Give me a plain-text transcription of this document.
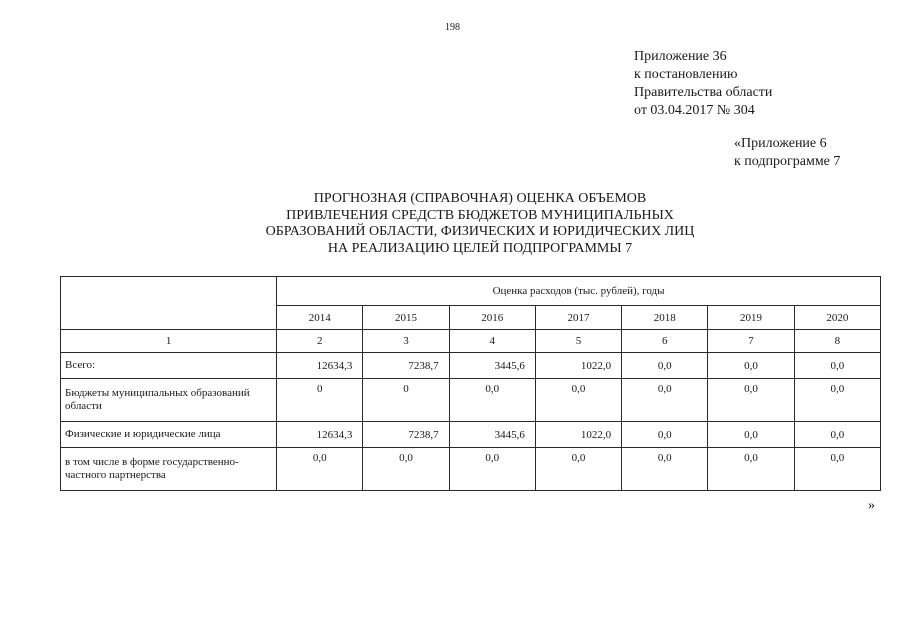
198
Приложение 36
к постановлению
Правительства области
от 03.04.2017 № 304
«Приложение 6
к подпрограмме 7
ПРОГНОЗНАЯ (СПРАВОЧНАЯ) ОЦЕНКА ОБЪЕМОВ
ПРИВЛЕЧЕНИЯ СРЕДСТВ БЮДЖЕТОВ МУНИЦИПАЛЬНЫХ
ОБРАЗОВАНИЙ ОБЛАСТИ, ФИЗИЧЕСКИХ И ЮРИДИЧЕСКИХ ЛИЦ
НА РЕАЛИЗАЦИЮ ЦЕЛЕЙ ПОДПРОГРАММЫ 7
	Оценка расходов (тыс. рублей), годы						
	2014	2015	2016	2017	2018	2019	2020
1	2	3	4	5	6	7	8
Всего:	12634,3	7238,7	3445,6	1022,0	0,0	0,0	0,0
Бюджеты муниципальных образований области	0	0	0,0	0,0	0,0	0,0	0,0
Физические и юридические лица	12634,3	7238,7	3445,6	1022,0	0,0	0,0	0,0
в том числе в форме государственно-частного партнерства	0,0	0,0	0,0	0,0	0,0	0,0	0,0
»
